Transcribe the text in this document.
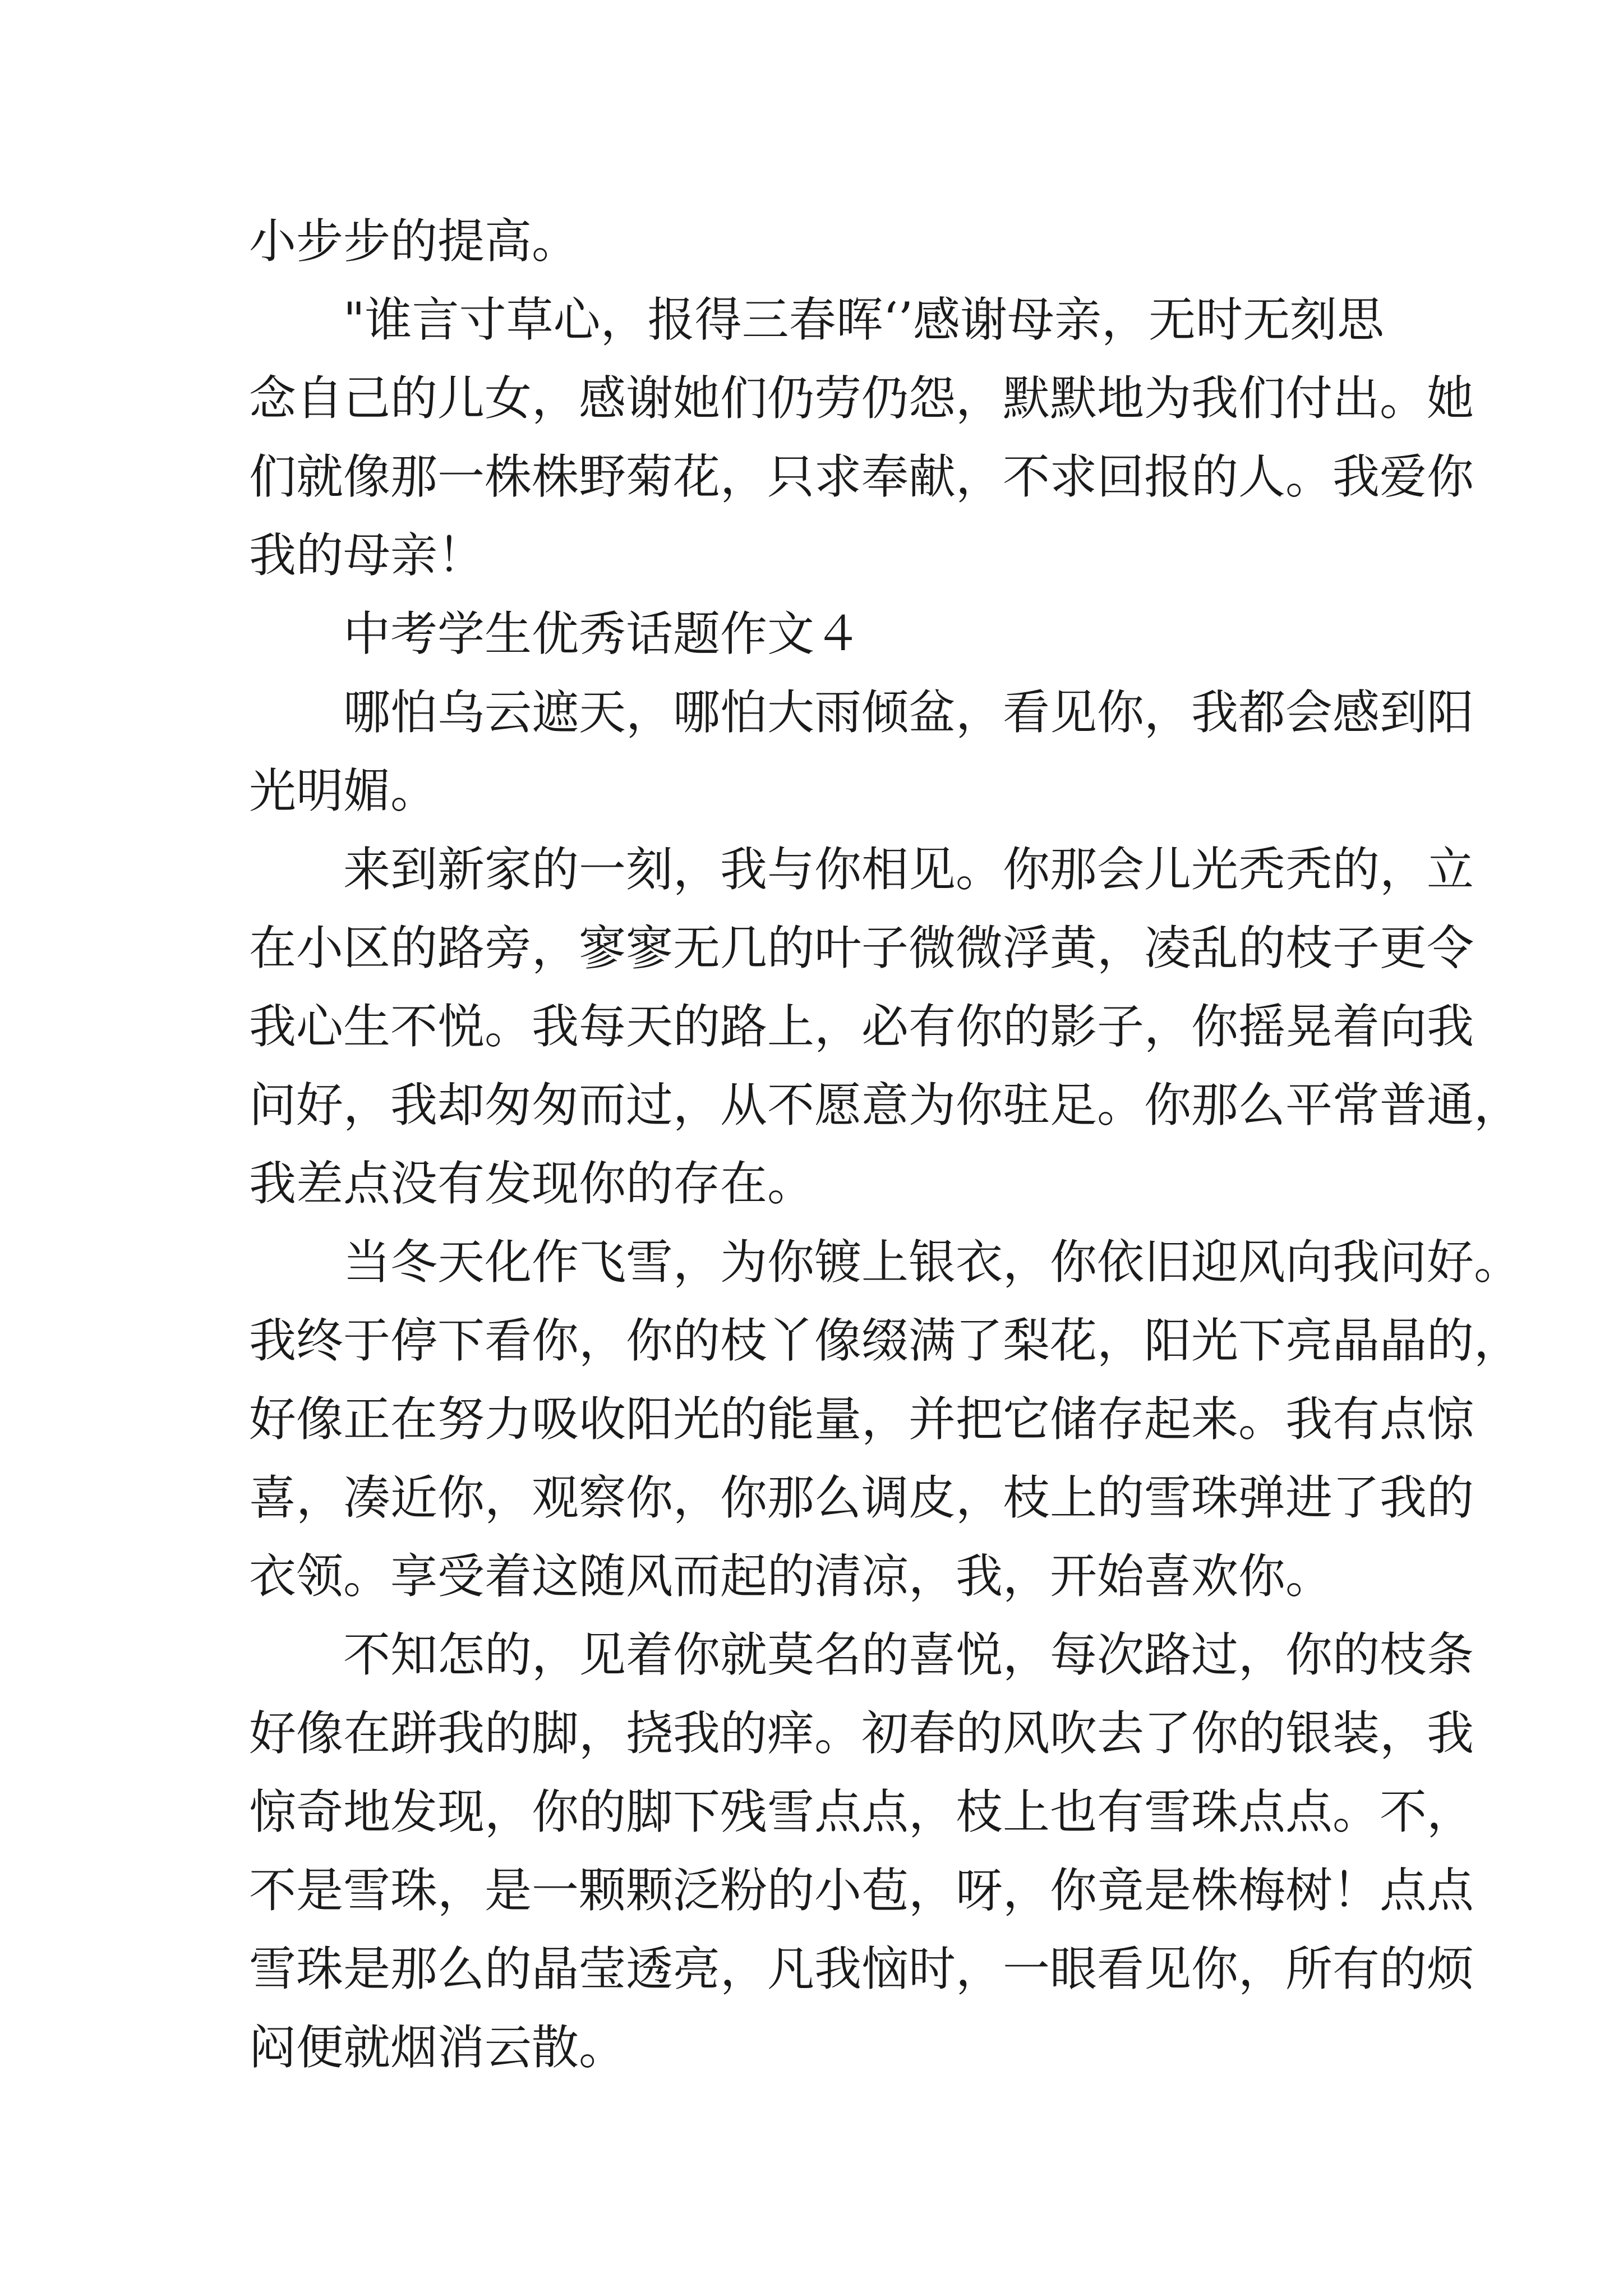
小步步的提高。

　　"谁言寸草心，报得三春晖‘’感谢母亲，无时无刻思

念自己的儿女，感谢她们仍劳仍怨，默默地为我们付出。她

们就像那一株株野菊花，只求奉献，不求回报的人。我爱你

我的母亲！

　　中考学生优秀话题作文４

　　哪怕乌云遮天，哪怕大雨倾盆，看见你，我都会感到阳

光明媚。

　　来到新家的一刻，我与你相见。你那会儿光秃秃的，立

在小区的路旁，寥寥无几的叶子微微浮黄，凌乱的枝子更令

我心生不悦。我每天的路上，必有你的影子，你摇晃着向我

问好，我却匆匆而过，从不愿意为你驻足。你那么平常普通，

我差点没有发现你的存在。

　　当冬天化作飞雪，为你镀上银衣，你依旧迎风向我问好。

我终于停下看你，你的枝丫像缀满了梨花，阳光下亮晶晶的，

好像正在努力吸收阳光的能量，并把它储存起来。我有点惊

喜，凑近你，观察你，你那么调皮，枝上的雪珠弹进了我的

衣领。享受着这随风而起的清凉，我，开始喜欢你。

　　不知怎的，见着你就莫名的喜悦，每次路过，你的枝条

好像在跰我的脚，挠我的痒。初春的风吹去了你的银装，我

惊奇地发现，你的脚下残雪点点，枝上也有雪珠点点。不，

不是雪珠，是一颗颗泛粉的小苞，呀，你竟是株梅树！点点

雪珠是那么的晶莹透亮，凡我恼时，一眼看见你，所有的烦

闷便就烟消云散。
